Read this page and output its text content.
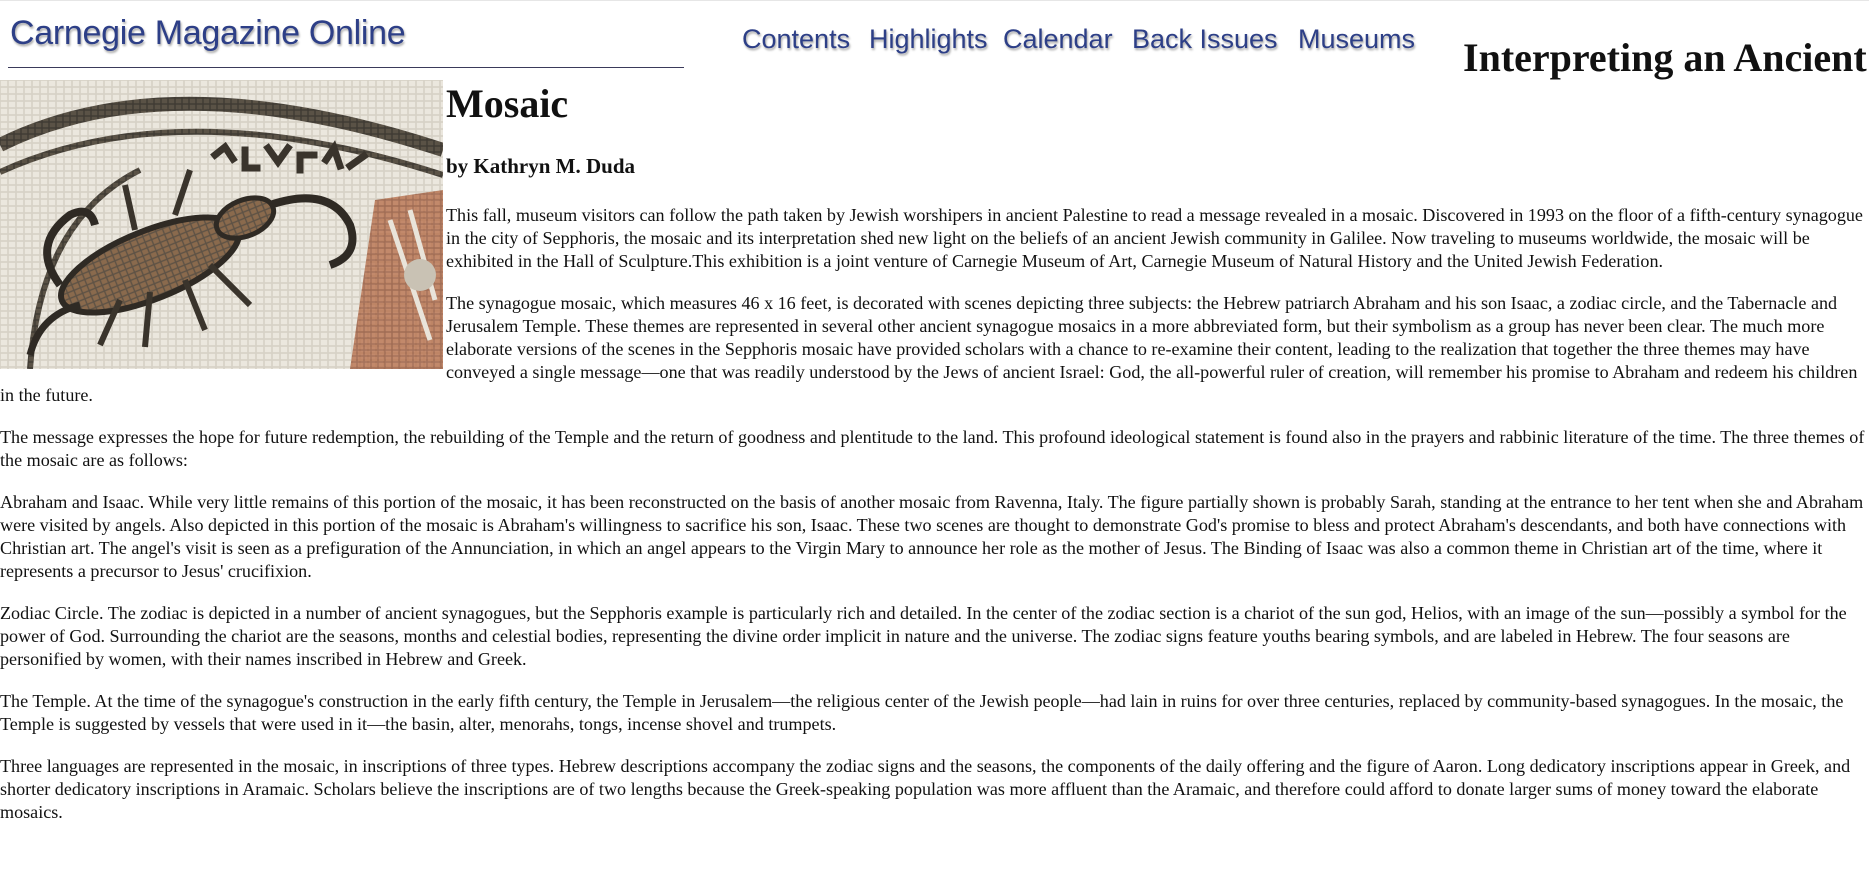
Carnegie Magazine Online	Contents Highlights Calendar Back Issues Museums Interpreting an Ancient
Mosaic
by Kathryn M. Duda

This fall, museum visitors can follow the path taken by Jewish worshipers in ancient Palestine to read a message revealed in a mosaic. Discovered in 1993 on the floor of a fifth-century synagogue in the city of Sepphoris, the mosaic and its interpretation shed new light on the beliefs of an ancient Jewish community in Galilee. Now traveling to museums worldwide, the mosaic will be exhibited in the Hall of Sculpture.This exhibition is a joint venture of Carnegie Museum of Art, Carnegie Museum of Natural History and the United Jewish Federation.

The synagogue mosaic, which measures 46 x 16 feet, is decorated with scenes depicting three subjects: the Hebrew patriarch Abraham and his son Isaac, a zodiac circle, and the Tabernacle and Jerusalem Temple. These themes are represented in several other ancient synagogue mosaics in a more abbreviated form, but their symbolism as a group has never been clear. The much more elaborate versions of the scenes in the Sepphoris mosaic have provided scholars with a chance to re-examine their content, leading to the realization that together the three themes may have conveyed a single message—one that was readily understood by the Jews of ancient Israel: God, the all-powerful ruler of creation, will remember his promise to Abraham and redeem his children in the future.

The message expresses the hope for future redemption, the rebuilding of the Temple and the return of goodness and plentitude to the land. This profound ideological statement is found also in the prayers and rabbinic literature of the time. The three themes of the mosaic are as follows:

Abraham and Isaac. While very little remains of this portion of the mosaic, it has been reconstructed on the basis of another mosaic from Ravenna, Italy. The figure partially shown is probably Sarah, standing at the entrance to her tent when she and Abraham were visited by angels. Also depicted in this portion of the mosaic is Abraham's willingness to sacrifice his son, Isaac. These two scenes are thought to demonstrate God's promise to bless and protect Abraham's descendants, and both have connections with Christian art. The angel's visit is seen as a prefiguration of the Annunciation, in which an angel appears to the Virgin Mary to announce her role as the mother of Jesus. The Binding of Isaac was also a common theme in Christian art of the time, where it represents a precursor to Jesus' crucifixion.

Zodiac Circle. The zodiac is depicted in a number of ancient synagogues, but the Sepphoris example is particularly rich and detailed. In the center of the zodiac section is a chariot of the sun god, Helios, with an image of the sun—possibly a symbol for the power of God. Surrounding the chariot are the seasons, months and celestial bodies, representing the divine order implicit in nature and the universe. The zodiac signs feature youths bearing symbols, and are labeled in Hebrew. The four seasons are personified by women, with their names inscribed in Hebrew and Greek.

The Temple. At the time of the synagogue's construction in the early fifth century, the Temple in Jerusalem—the religious center of the Jewish people—had lain in ruins for over three centuries, replaced by community-based synagogues. In the mosaic, the Temple is suggested by vessels that were used in it—the basin, alter, menorahs, tongs, incense shovel and trumpets.

Three languages are represented in the mosaic, in inscriptions of three types. Hebrew descriptions accompany the zodiac signs and the seasons, the components of the daily offering and the figure of Aaron. Long dedicatory inscriptions appear in Greek, and shorter dedicatory inscriptions in Aramaic. Scholars believe the inscriptions are of two lengths because the Greek-speaking population was more affluent than the Aramaic, and therefore could afford to donate larger sums of money toward the elaborate mosaics.
